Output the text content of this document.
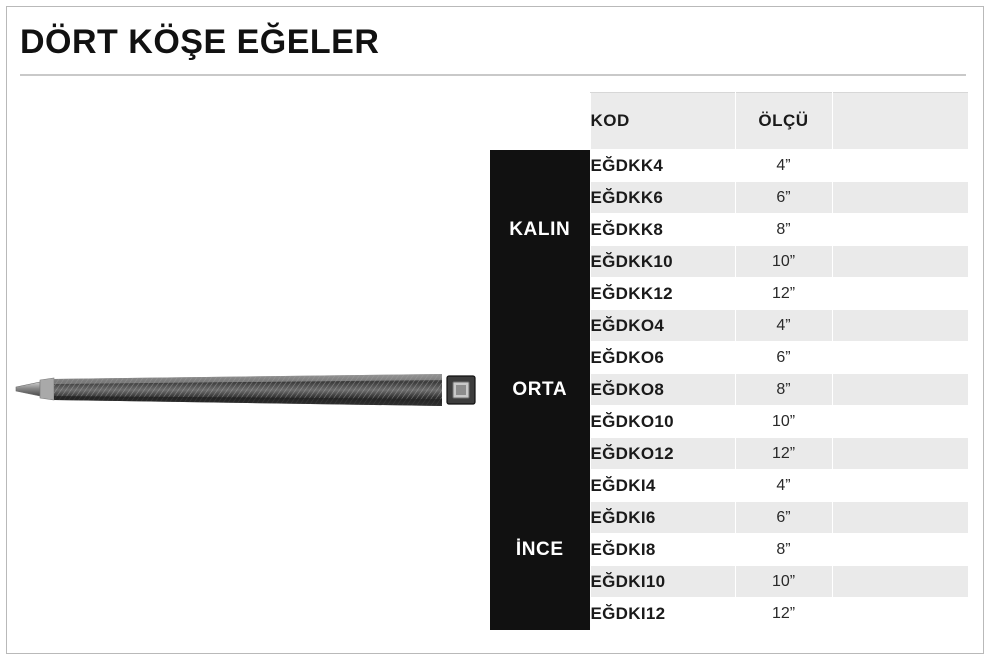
DÖRT KÖŞE EĞELER
	KOD	ÖLÇÜ	
KALIN	EĞDKK4	4”	
	EĞDKK6	6”	
	EĞDKK8	8”	
	EĞDKK10	10”	
	EĞDKK12	12”	
ORTA	EĞDKO4	4”	
	EĞDKO6	6”	
	EĞDKO8	8”	
	EĞDKO10	10”	
	EĞDKO12	12”	
İNCE	EĞDKI4	4”	
	EĞDKI6	6”	
	EĞDKI8	8”	
	EĞDKI10	10”	
	EĞDKI12	12”	
